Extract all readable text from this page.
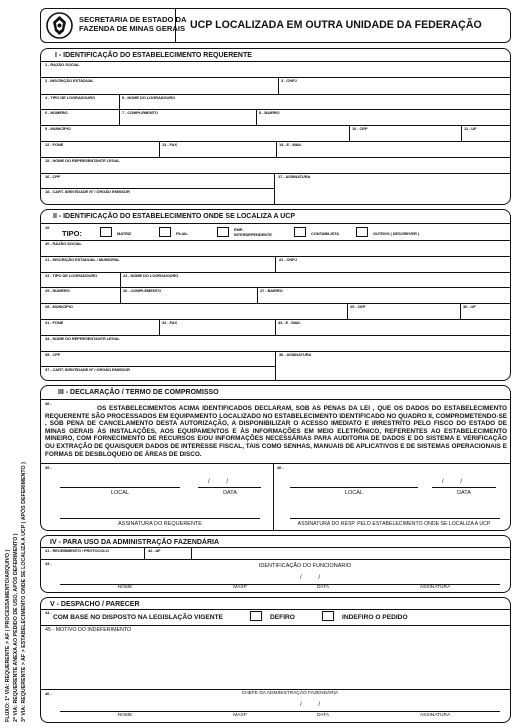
SECRETARIA DE ESTADO DA
FAZENDA DE MINAS GERAIS UCP LOCALIZADA EM OUTRA UNIDADE DA FEDERAÇÃO
I - IDENTIFICAÇÃO DO ESTABELECIMENTO REQUERENTE
1 - RAZÃO SOCIAL
2 - INSCRIÇÃO ESTADUAL	3 - CNPJ
4 - TIPO DE LOGRADOURO	5 - NOME DO LOGRADOURO
6 - NÚMERO	7 - COMPLEMENTO	8 - BAIRRO
9 - MUNICÍPIO	10 - CEP	11 - UF
12 - FONE	13 - FAX	14 - E - MAIL
15 - NOME DO REPRESENTANTE LEGAL
16 - CPF	17 - ASSINATURA
18 - CART. IDENTIDADE Nº / ÓRGÃO EMISSOR
II - IDENTIFICAÇÃO DO ESTABELECIMENTO ONDE SE LOCALIZA A UCP
19
TIPO:	MATRIZ	FILIAL
EMP.
INTERDEPENDENTE	CONTABILISTA	OUTROS ( DESCREVER )
20 - RAZÃO SOCIAL
21 - INSCRIÇÃO ESTADUAL / MUNICIPAL	22 - CNPJ
23 - TIPO DE LOGRADOURO	24 - NOME DO LOGRADOURO
25 - NÚMERO	26 - COMPLEMENTO	27 - BAIRRO
28 - MUNICÍPIO	29 - CEP	30 - UF
31 - FONE	32 - FAX	33 - E - MAIL
34 - NOME DO REPRESENTANTE LEGAL
35 - CPF	36 - ASSINATURA
37 - CART. IDENTIDADE Nº / ÓRGÃO EMISSOR
III - DECLARAÇÃO / TERMO DE COMPROMISSO
38 -
OS ESTABELECIMENTOS ACIMA IDENTIFICADOS DECLARAM, SOB AS PENAS DA LEI , QUE OS DADOS DO ESTABELECIMENTO REQUERENTE SÃO PROCESSADOS EM EQUIPAMENTO LOCALIZADO NO ESTABELECIMENTO IDENTIFICADO NO QUADRO II, COMPROMETENDO-SE , SOB PENA DE CANCELAMENTO DESTA AUTORIZAÇÃO, A DISPONIBILIZAR O ACESSO IMEDIATO E IRRESTRITO PELO FISCO DO ESTADO DE MINAS GERAIS ÀS INSTALAÇÕES, AOS EQUIPAMENTOS E ÀS INFORMAÇÕES EM MEIO ELETRÔNICO, REFERENTES AO ESTABELECIMENTO MINEIRO, COM FORNECIMENTO DE RECURSOS E/OU INFORMAÇÕES NECESSÁRIAS PARA AUDITORIA DE DADOS E DO SISTEMA E VERIFICAÇÃO OU EXTRAÇÃO DE QUAISQUER DADOS DE INTERESSE FISCAL, TAIS COMO SENHAS, MANUAIS DE APLICATIVOS E DE SISTEMAS OPERACIONAIS E FORMAS DE DESBLOQUEIO DE ÁREAS DE DISCO.
39 -	40 -
/          /
LOCAL	DATA
ASSINATURA DO REQUERENTE
/          /
LOCAL	DATA
ASSINATURA DO RESP. PELO ESTABELECIMENTO ONDE SE LOCALIZA A UCP
IV - PARA USO DA ADMINISTRAÇÃO FAZENDÁRIA
41 - RECEBIMENTO / PROTOCOLO	42 - AF
43 -	IDENTIFICAÇÃO DO FUNCIONÁRIO
/          /
NOME	MASP	DATA	ASSINATURA
V - DESPACHO / PARECER
44 -
COM BASE NO DISPOSTO NA LEGISLAÇÃO VIGENTE	DEFIRO	INDEFIRO O PEDIDO
45 - MOTIVO DO INDEFERIMENTO
46 -	CHEFE DA ADMINISTRAÇÃO FAZENDÁRIA
/          /
NOME	MASP	DATA	ASSINATURA
FLUXO: 1ª VIA: REQUERENTE > AF ( PROCESSAMENTO/ARQUIVO ) 2ª VIA: REQUERENTE ANEXA AO PEDIDO DE USO, APÓS DEFERIMENTO ) 3ª VIA: REQUERENTE > AF > ESTABELECIMENTO ONDE SE LOCALIZA A UCP ( APÓS DEFERIMENTO )
